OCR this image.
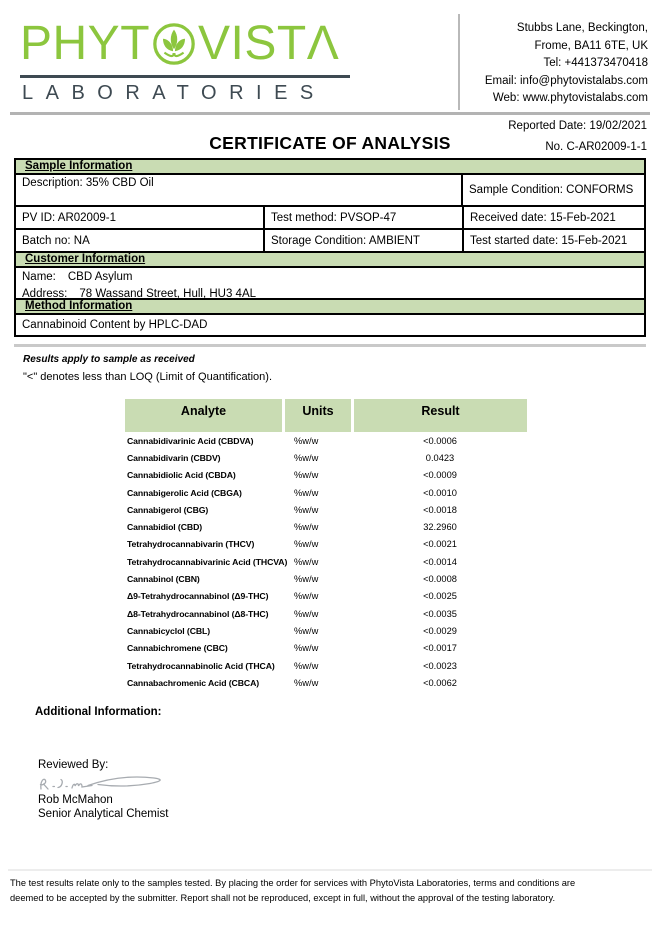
PHYT VISTΛ
LABORATORIES
Stubbs Lane, Beckington,
Frome, BA11 6TE, UK
Tel: +441373470418
Email: info@phytovistalabs.com
Web: www.phytovistalabs.com
Reported Date: 19/02/2021
CERTIFICATE OF ANALYSIS	No. C-AR02009-1-1
Sample Information
Description: 35% CBD Oil
Sample Condition: CONFORMS
PV ID: AR02009-1	Test method: PVSOP-47	Received date: 15-Feb-2021
Batch no: NA	Storage Condition: AMBIENT	Test started date: 15-Feb-2021
Customer Information
Name: CBD Asylum
Address: 78 Wassand Street, Hull, HU3 4AL
Method Information
Cannabinoid Content by HPLC-DAD
Results apply to sample as received
"<" denotes less than LOQ (Limit of Quantification).
Analyte	Units	Result
Cannabidivarinic Acid (CBDVA)	%w/w	<0.0006
Cannabidivarin (CBDV)	%w/w	0.0423
Cannabidiolic Acid (CBDA)	%w/w	<0.0009
Cannabigerolic Acid (CBGA)	%w/w	<0.0010
Cannabigerol (CBG)	%w/w	<0.0018
Cannabidiol (CBD)	%w/w	32.2960
Tetrahydrocannabivarin (THCV)	%w/w	<0.0021
Tetrahydrocannabivarinic Acid (THCVA) %w/w	<0.0014
Cannabinol (CBN)	%w/w	<0.0008
Δ9-Tetrahydrocannabinol (Δ9-THC)	%w/w	<0.0025
Δ8-Tetrahydrocannabinol (Δ8-THC)	%w/w	<0.0035
Cannabicyclol (CBL)	%w/w	<0.0029
Cannabichromene (CBC)	%w/w	<0.0017
Tetrahydrocannabinolic Acid (THCA)	%w/w	<0.0023
Cannabachromenic Acid (CBCA)	%w/w	<0.0062
Additional Information:
Reviewed By:
Rob McMahon
Senior Analytical Chemist
The test results relate only to the samples tested. By placing the order for services with PhytoVista Laboratories, terms and conditions are deemed to be accepted by the submitter. Report shall not be reproduced, except in full, without the approval of the testing laboratory.
